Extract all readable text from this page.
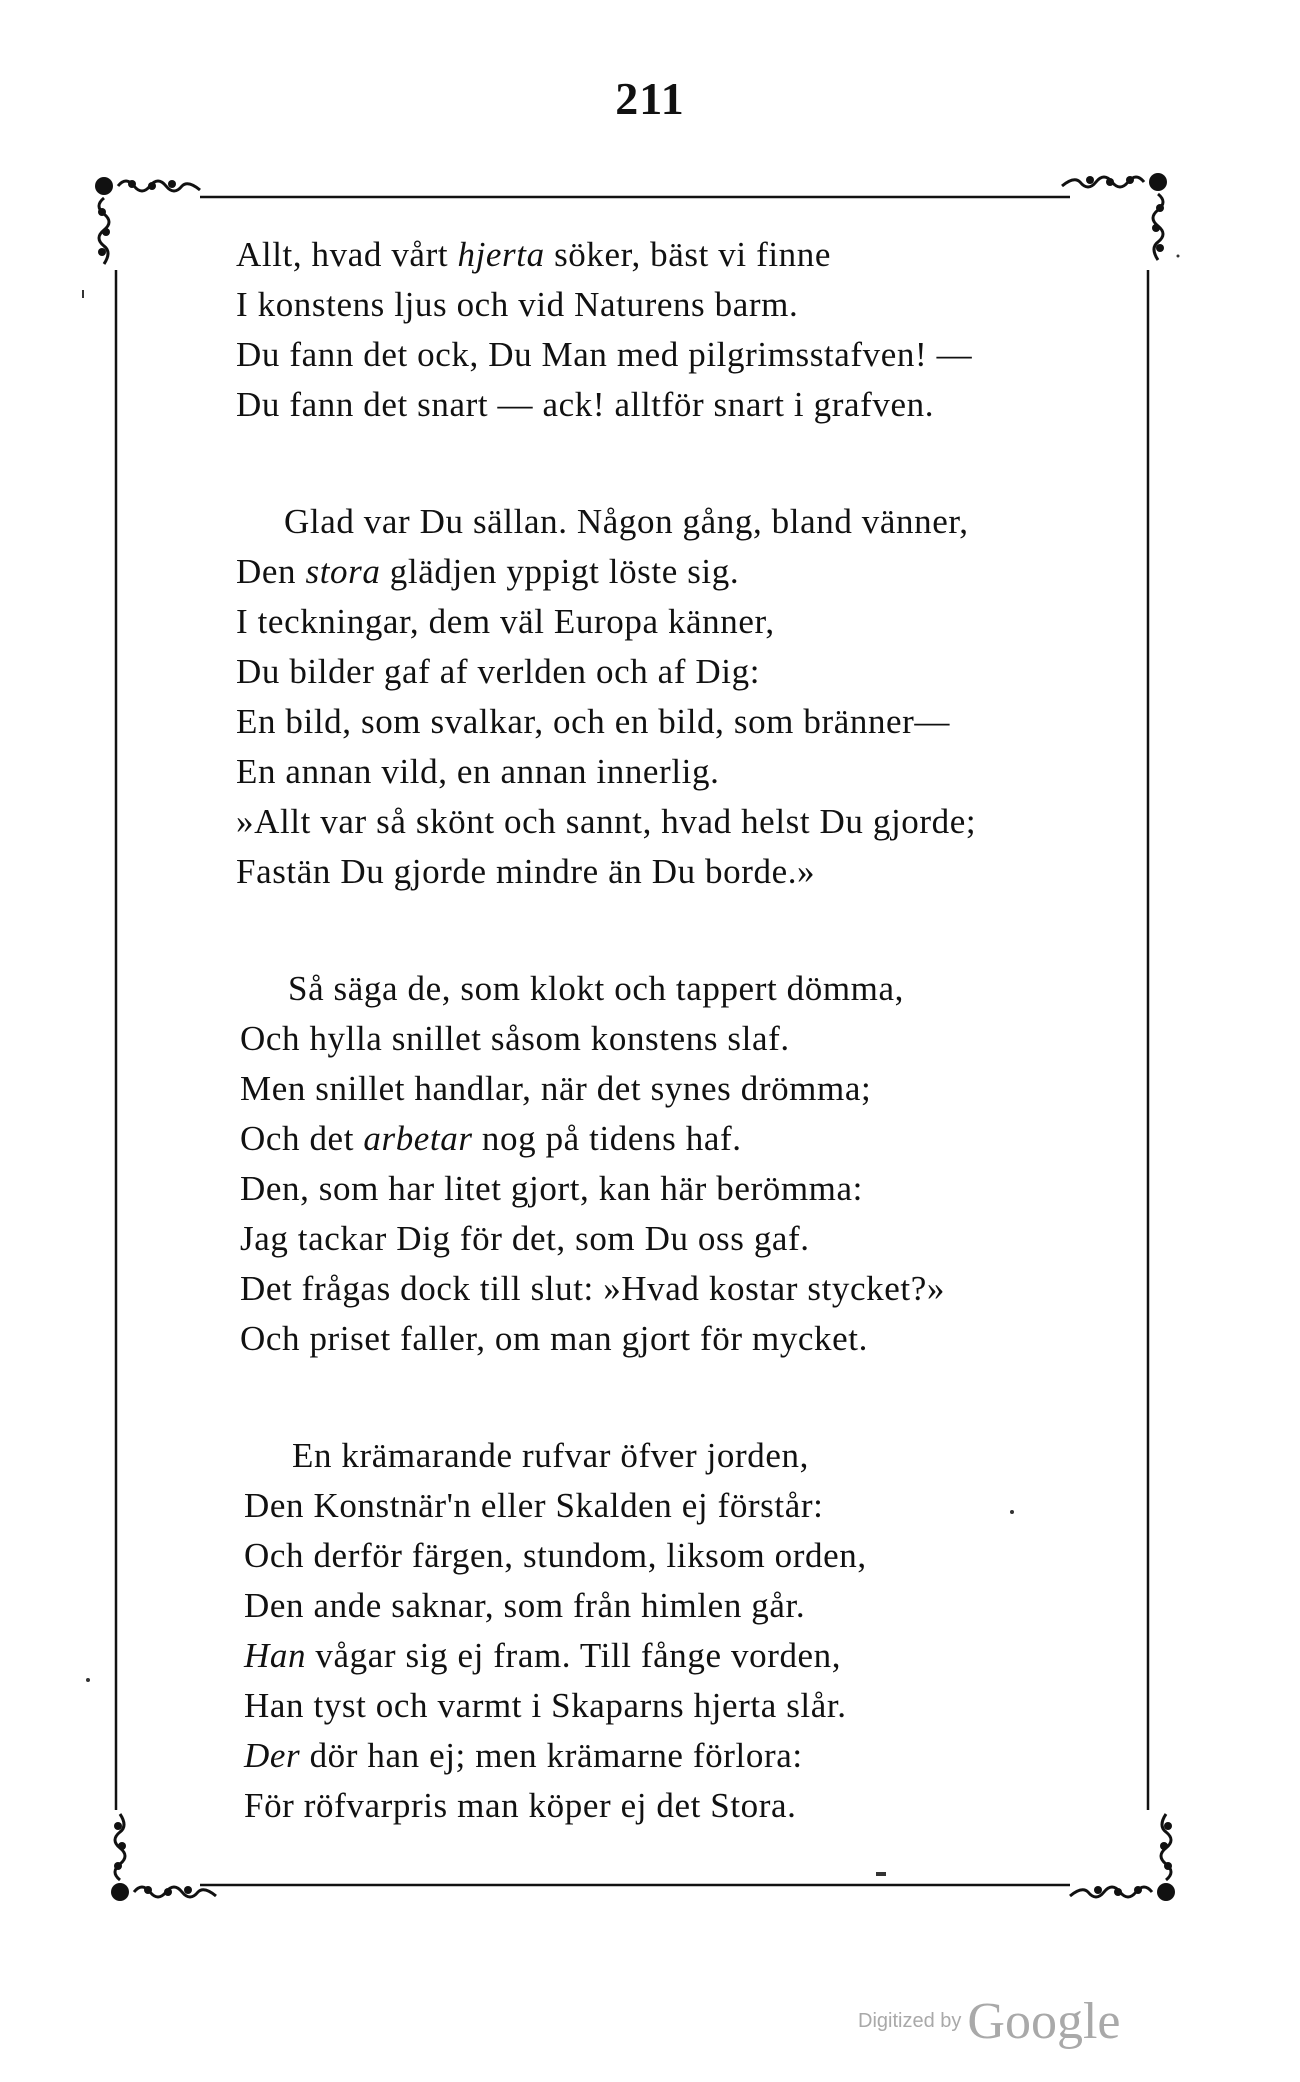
211
Allt, hvad vårt hjerta söker, bäst vi finne
I konstens ljus och vid Naturens barm.
Du fann det ock, Du Man med pilgrimsstafven! —
Du fann det snart — ack! alltför snart i grafven.
Glad var Du sällan. Någon gång, bland vänner,
Den stora glädjen yppigt löste sig.
I teckningar, dem väl Europa känner,
Du bilder gaf af verlden och af Dig:
En bild, som svalkar, och en bild, som bränner—
En annan vild, en annan innerlig.
»Allt var så skönt och sannt, hvad helst Du gjorde;
Fastän Du gjorde mindre än Du borde.»
Så säga de, som klokt och tappert dömma,
Och hylla snillet såsom konstens slaf.
Men snillet handlar, när det synes drömma;
Och det arbetar nog på tidens haf.
Den, som har litet gjort, kan här berömma:
Jag tackar Dig för det, som Du oss gaf.
Det frågas dock till slut: »Hvad kostar stycket?»
Och priset faller, om man gjort för mycket.
En krämarande rufvar öfver jorden,
Den Konstnär'n eller Skalden ej förstår:
Och derför färgen, stundom, liksom orden,
Den ande saknar, som från himlen går.
Han vågar sig ej fram. Till fånge vorden,
Han tyst och varmt i Skaparns hjerta slår.
Der dör han ej; men krämarne förlora:
För röfvarpris man köper ej det Stora.
Digitized by Google
